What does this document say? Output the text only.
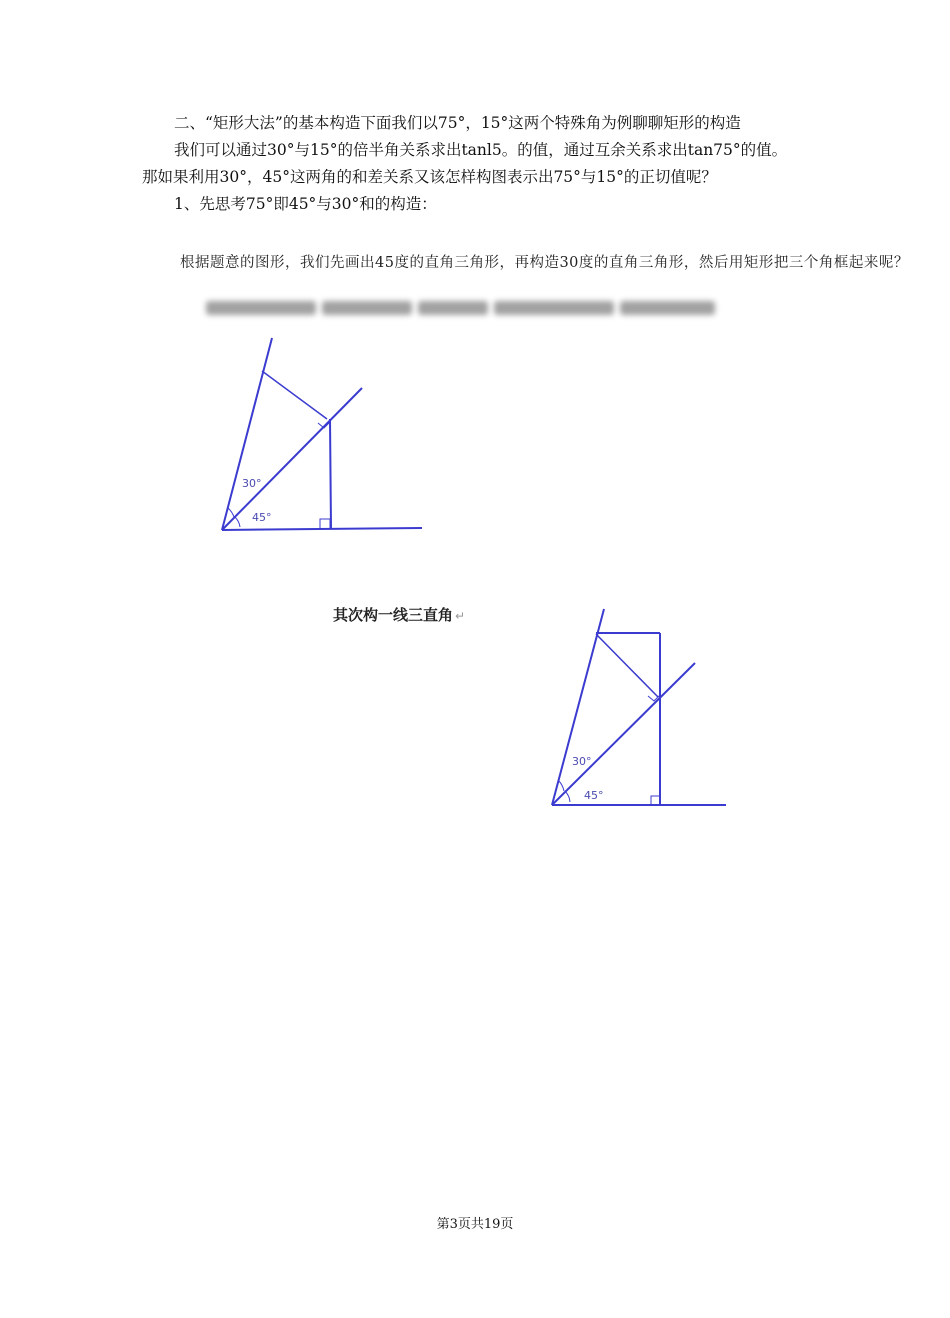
二、“矩形大法”的基本构造下面我们以75°，15°这两个特殊角为例聊聊矩形的构造
我们可以通过30°与15°的倍半角关系求出tanl5。的值，通过互余关系求出tan75°的值。
那如果利用30°，45°这两角的和差关系又该怎样构图表示出75°与15°的正切值呢？
1、先思考75°即45°与30°和的构造：
根据题意的图形，我们先画出45度的直角三角形，再构造30度的直角三角形，然后用矩形把三个角框起来呢？
30°
45°
其次构一线三直角 ↵
30°
45°
第3页共19页
